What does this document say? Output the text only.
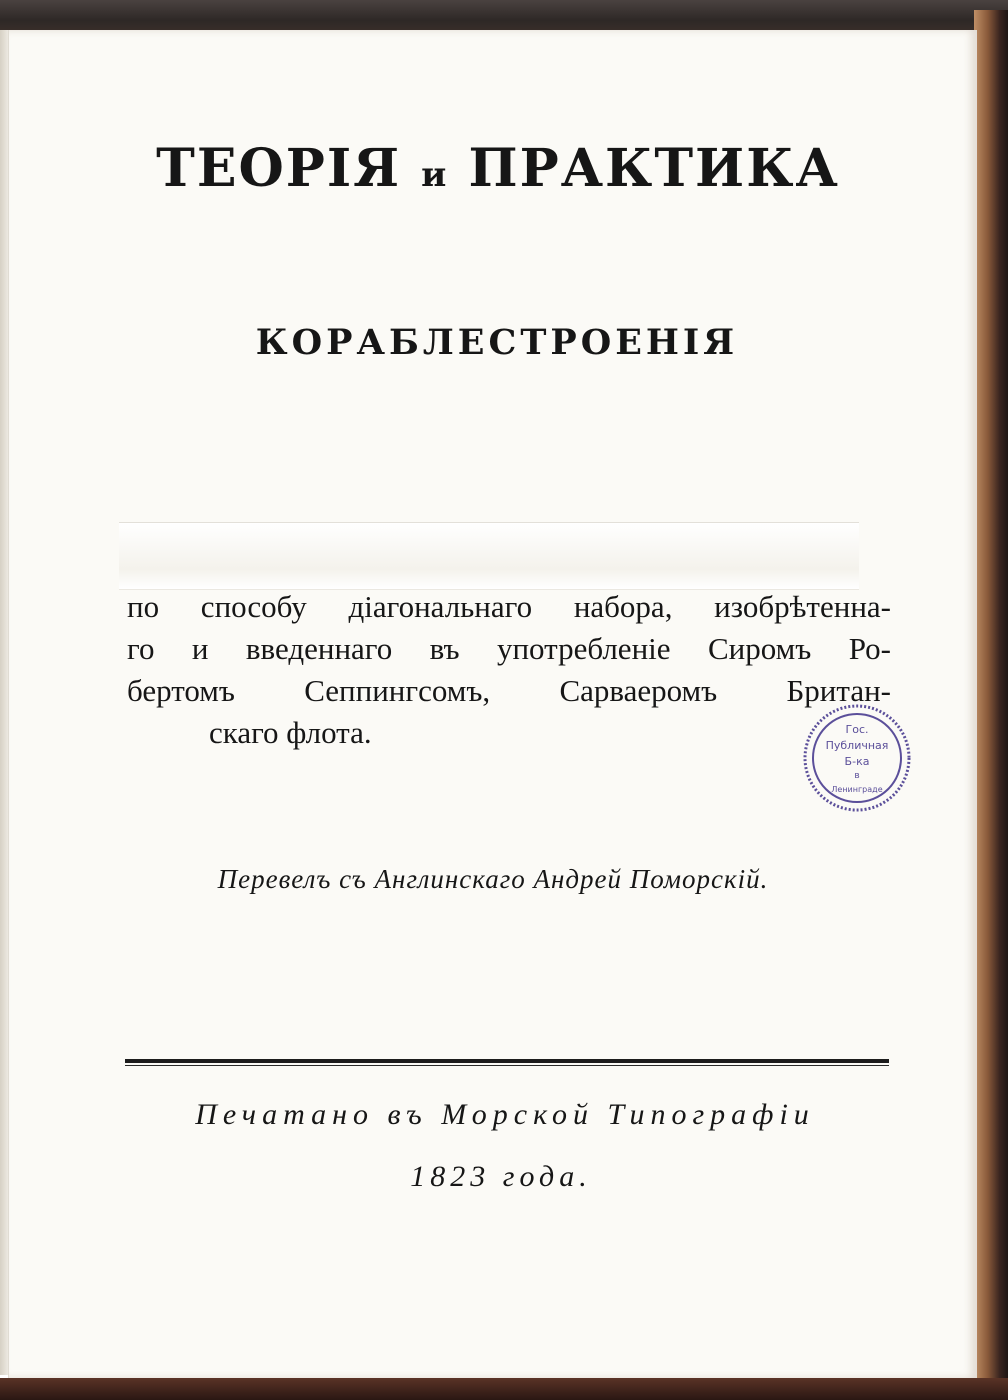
ТЕОРІЯ и ПРАКТИКА
КОРАБЛЕСТРОЕНІЯ

по способу діагональнаго набора, изобрѣтенна-
го и введеннаго въ употребленіе Сиромъ Ро-
бертомъ Сеппингсомъ, Сарваеромъ Британ-
скаго флота.	Гос.
Публичная
Б-ка
в
Ленинграде

Перевелъ съ Англинскаго Андрей Поморскій.

Печатано въ Морской Типографіи

1823 года.
